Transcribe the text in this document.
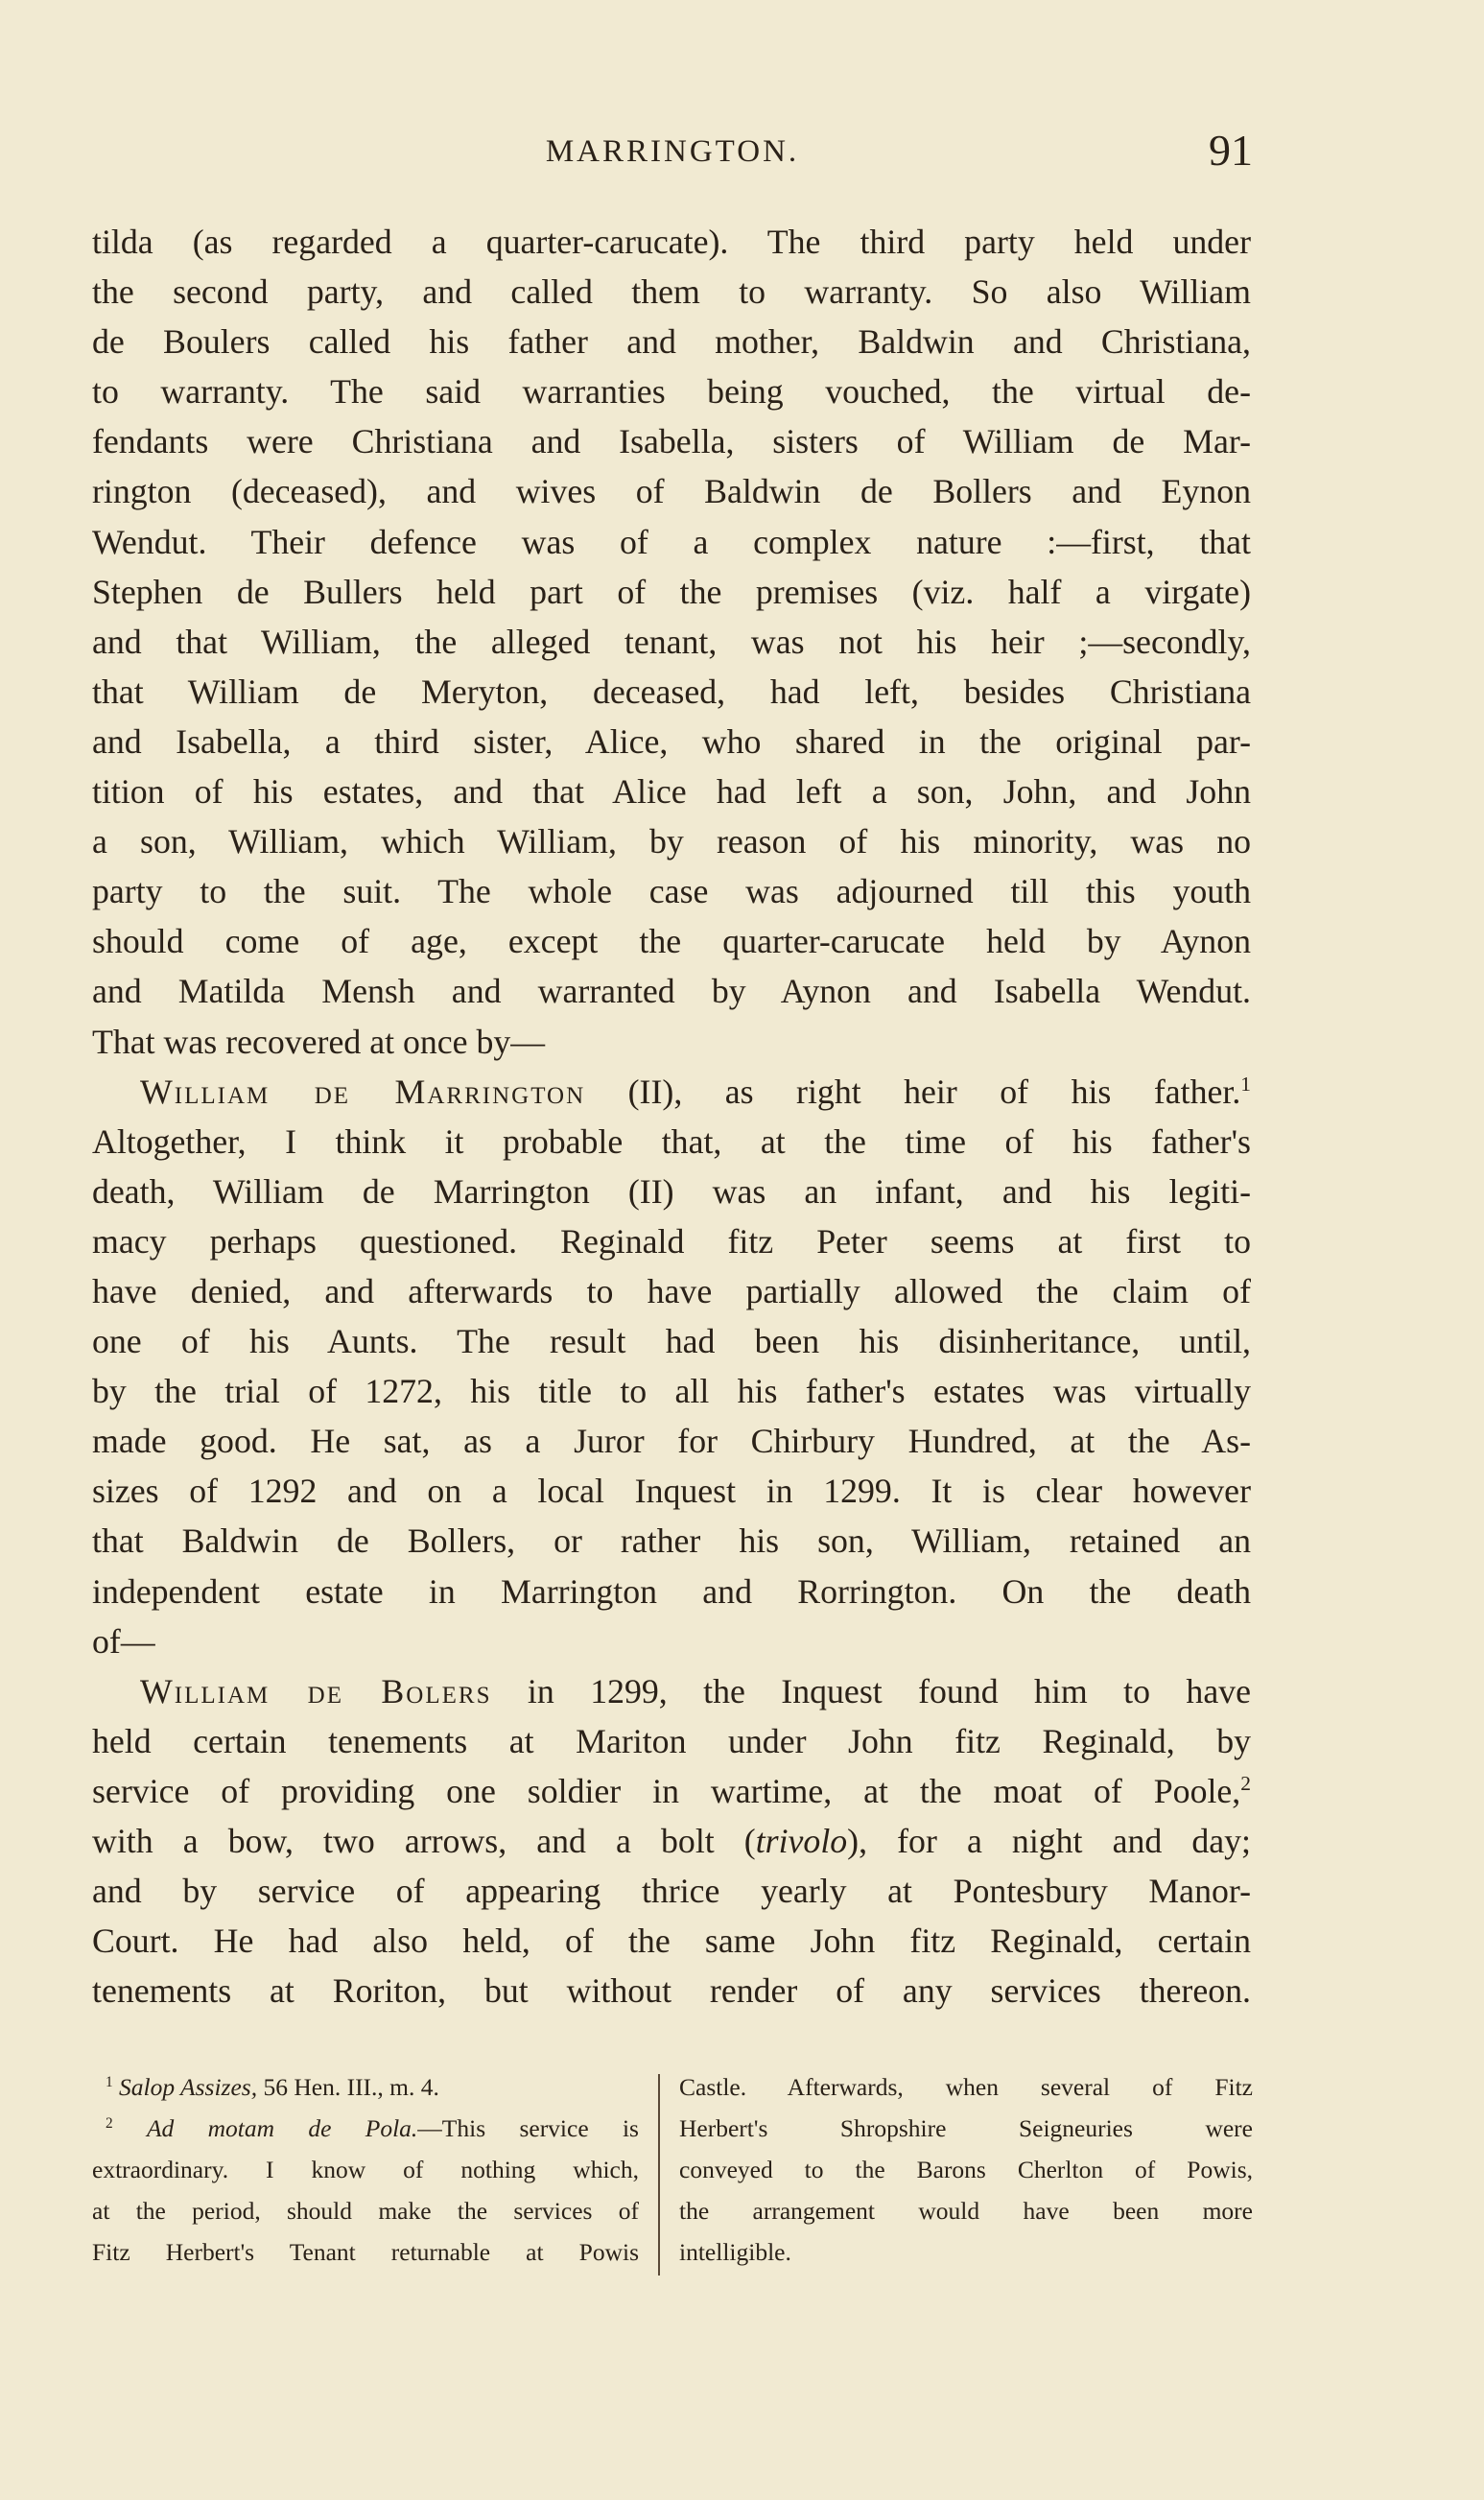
MARRINGTON.	91
tilda (as regarded a quarter-carucate). The third party held under
the second party, and called them to warranty. So also William
de Boulers called his father and mother, Baldwin and Christiana,
to warranty. The said warranties being vouched, the virtual de-
fendants were Christiana and Isabella, sisters of William de Mar-
rington (deceased), and wives of Baldwin de Bollers and Eynon
Wendut. Their defence was of a complex nature :—first, that
Stephen de Bullers held part of the premises (viz. half a virgate)
and that William, the alleged tenant, was not his heir ;—secondly,
that William de Meryton, deceased, had left, besides Christiana
and Isabella, a third sister, Alice, who shared in the original par-
tition of his estates, and that Alice had left a son, John, and John
a son, William, which William, by reason of his minority, was no
party to the suit. The whole case was adjourned till this youth
should come of age, except the quarter-carucate held by Aynon
and Matilda Mensh and warranted by Aynon and Isabella Wendut.
That was recovered at once by—
William de Marrington (II), as right heir of his father.$^1$
Altogether, I think it probable that, at the time of his father's
death, William de Marrington (II) was an infant, and his legiti-
macy perhaps questioned. Reginald fitz Peter seems at first to
have denied, and afterwards to have partially allowed the claim of
one of his Aunts. The result had been his disinheritance, until,
by the trial of 1272, his title to all his father's estates was virtually
made good. He sat, as a Juror for Chirbury Hundred, at the As-
sizes of 1292 and on a local Inquest in 1299. It is clear however
that Baldwin de Bollers, or rather his son, William, retained an
independent estate in Marrington and Rorrington. On the death
of—
William de Bolers in 1299, the Inquest found him to have
held certain tenements at Mariton under John fitz Reginald, by
service of providing one soldier in wartime, at the moat of Poole,$^2$
with a bow, two arrows, and a bolt (trivolo), for a night and day;
and by service of appearing thrice yearly at Pontesbury Manor-
Court. He had also held, of the same John fitz Reginald, certain
tenements at Roriton, but without render of any services thereon.
$^1$ Salop Assizes, 56 Hen. III., m. 4.
$^2$ Ad motam de Pola.—This service is
extraordinary. I know of nothing which,
at the period, should make the services of
Fitz Herbert's Tenant returnable at Powis
Castle. Afterwards, when several of Fitz
Herbert's Shropshire Seigneuries were
conveyed to the Barons Cherlton of Powis,
the arrangement would have been more
intelligible.
